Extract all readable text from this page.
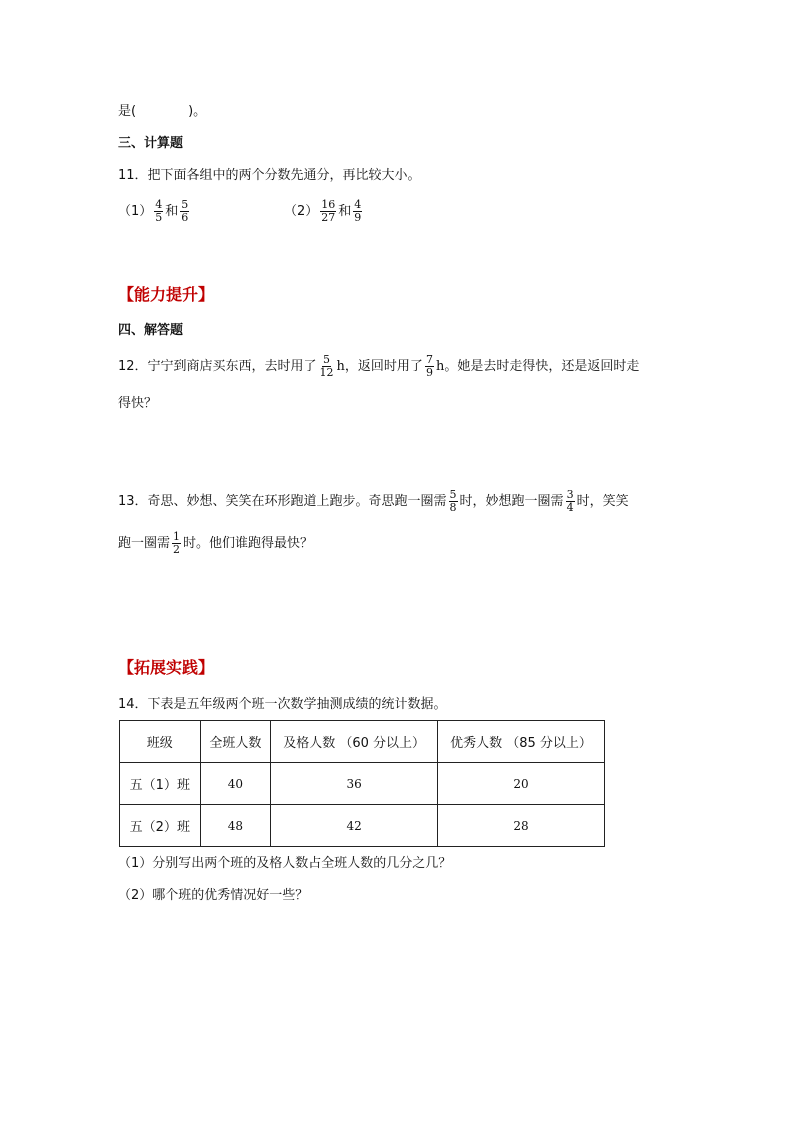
是(　　　　)。
三、计算题
11．把下面各组中的两个分数先通分，再比较大小。
$(1) \frac{4}{5}$ 和 $\frac{5}{6}$	$(2) \frac{16}{27}$ 和 $\frac{4}{9}$
【能力提升】
四、解答题
12．宁宁到商店买东西，去时用了 $\frac{5}{12}$ h，返回时用了 $\frac{7}{9}$ h。她是去时走得快，还是返回时走
得快？
13．奇思、妙想、笑笑在环形跑道上跑步。奇思跑一圈需 $\frac{5}{8}$ 时，妙想跑一圈需 $\frac{3}{4}$ 时，笑笑
跑一圈需 $\frac{1}{2}$ 时。他们谁跑得最快？
【拓展实践】
14．下表是五年级两个班一次数学抽测成绩的统计数据。
班级	全班人数	及格人数 （60 分以上）	优秀人数 （85 分以上）
五（1）班	40	36	20
五（2）班	48	42	28
（1）分别写出两个班的及格人数占全班人数的几分之几？
（2）哪个班的优秀情况好一些？
